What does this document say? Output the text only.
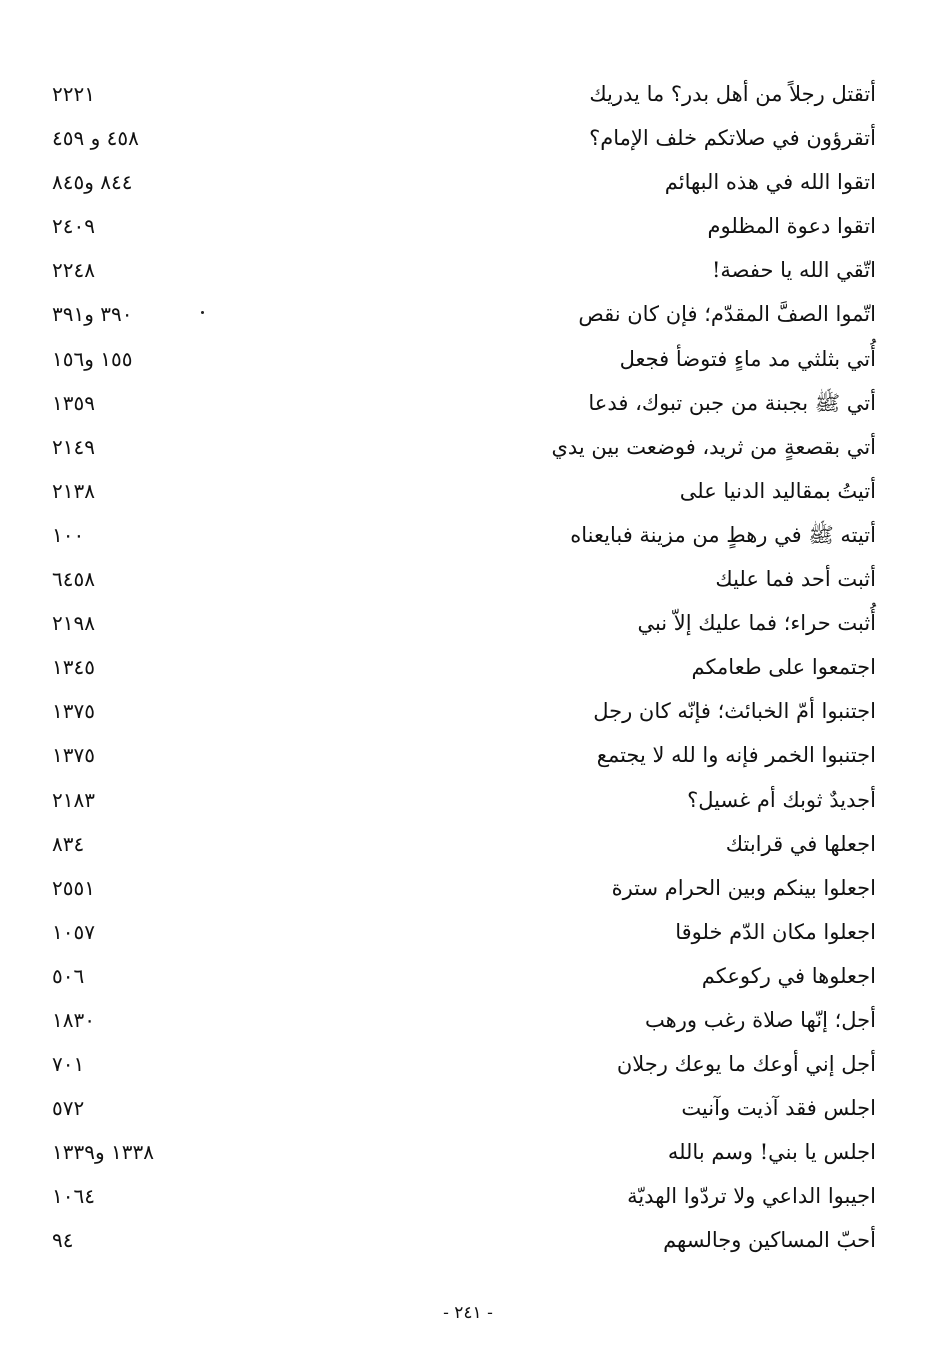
أتقتل رجلاً من أهل بدر؟ ما يدريك
٢٢٢١
أتقرؤون في صلاتكم خلف الإمام؟
٤٥٨ و ٤٥٩
اتقوا الله في هذه البهائم
٨٤٤ و٨٤٥
اتقوا دعوة المظلوم
٢٤٠٩
اتّقي الله يا حفصة!
٢٢٤٨
اتّموا الصفَّ المقدّم؛ فإن كان نقص
٣٩٠ و٣٩١
أُتي بثلثي مد ماءٍ فتوضأ فجعل
١٥٥ و١٥٦
أتي ﷺ بجبنة من جبن تبوك، فدعا
١٣٥٩
أتي بقصعةٍ من ثريد، فوضعت بين يدي
٢١٤٩
أتيتُ بمقاليد الدنيا على
٢١٣٨
أتيته ﷺ في رهطٍ من مزينة فبايعناه
١٠٠
أثبت أحد فما عليك
٦٤٥٨
أُثبت حراء؛ فما عليك إلاّ نبي
٢١٩٨
اجتمعوا على طعامكم
١٣٤٥
اجتنبوا أمّ الخبائث؛ فإنّه كان رجل
١٣٧٥
اجتنبوا الخمر فإنه وا لله لا يجتمع
١٣٧٥
أجديدٌ ثوبك أم غسيل؟
٢١٨٣
اجعلها في قرابتك
٨٣٤
اجعلوا بينكم وبين الحرام سترة
٢٥٥١
اجعلوا مكان الدّم خلوقا
١٠٥٧
اجعلوها في ركوعكم
٥٠٦
أجل؛ إنّها صلاة رغب ورهب
١٨٣٠
أجل إني أوعك ما يوعك رجلان
٧٠١
اجلس فقد آذيت وآنيت
٥٧٢
اجلس يا بني! وسم بالله
١٣٣٨ و١٣٣٩
اجيبوا الداعي ولا تردّوا الهديّة
١٠٦٤
أحبّ المساكين وجالسهم
٩٤
- ٢٤١ -
